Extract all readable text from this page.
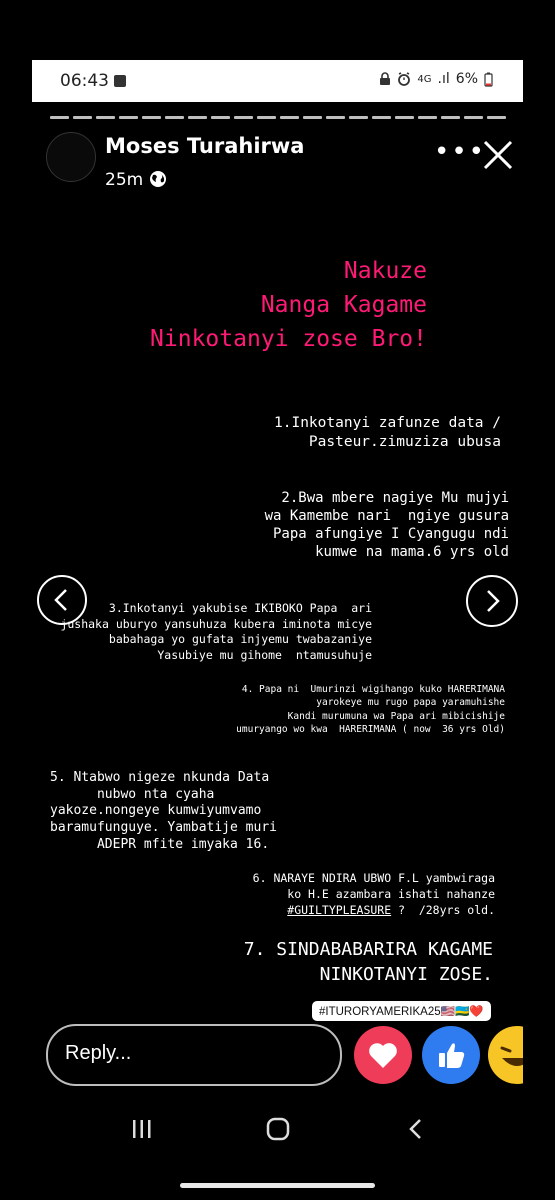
06:43	4G .ıl 6%
Moses Turahirwa
25m
•••
Nakuze
Nanga Kagame
Ninkotanyi zose Bro!
1.Inkotanyi zafunze data /
Pasteur.zimuziza ubusa
2.Bwa mbere nagiye Mu mujyi
wa Kamembe nari  ngiye gusura
Papa afungiye I Cyangugu ndi
kumwe na mama.6 yrs old
3.Inkotanyi yakubise IKIBOKO Papa  ari
jushaka uburyo yansuhuza kubera iminota micye
babahaga yo gufata injyemu twabazaniye
Yasubiye mu gihome  ntamusuhuje
4. Papa ni  Umurinzi wigihango kuko HARERIMANA
yarokeye mu rugo papa yaramuhishe
Kandi murumuna wa Papa ari mibicishije
umuryango wo kwa  HARERIMANA ( now  36 yrs Old)
5. Ntabwo nigeze nkunda Data
nubwo nta cyaha
yakoze.nongeye kumwiyumvamo
baramufunguye. Yambatije muri
ADEPR mfite imyaka 16.
6. NARAYE NDIRA UBWO F.L yambwiraga
ko H.E azambara ishati nahanze
#GUILTYPLEASURE ?  /28yrs old.
7. SINDABABARIRA KAGAME
NINKOTANYI ZOSE.
#ITURORYAMERIKA25🇺🇸🇷🇼❤️
Reply...
